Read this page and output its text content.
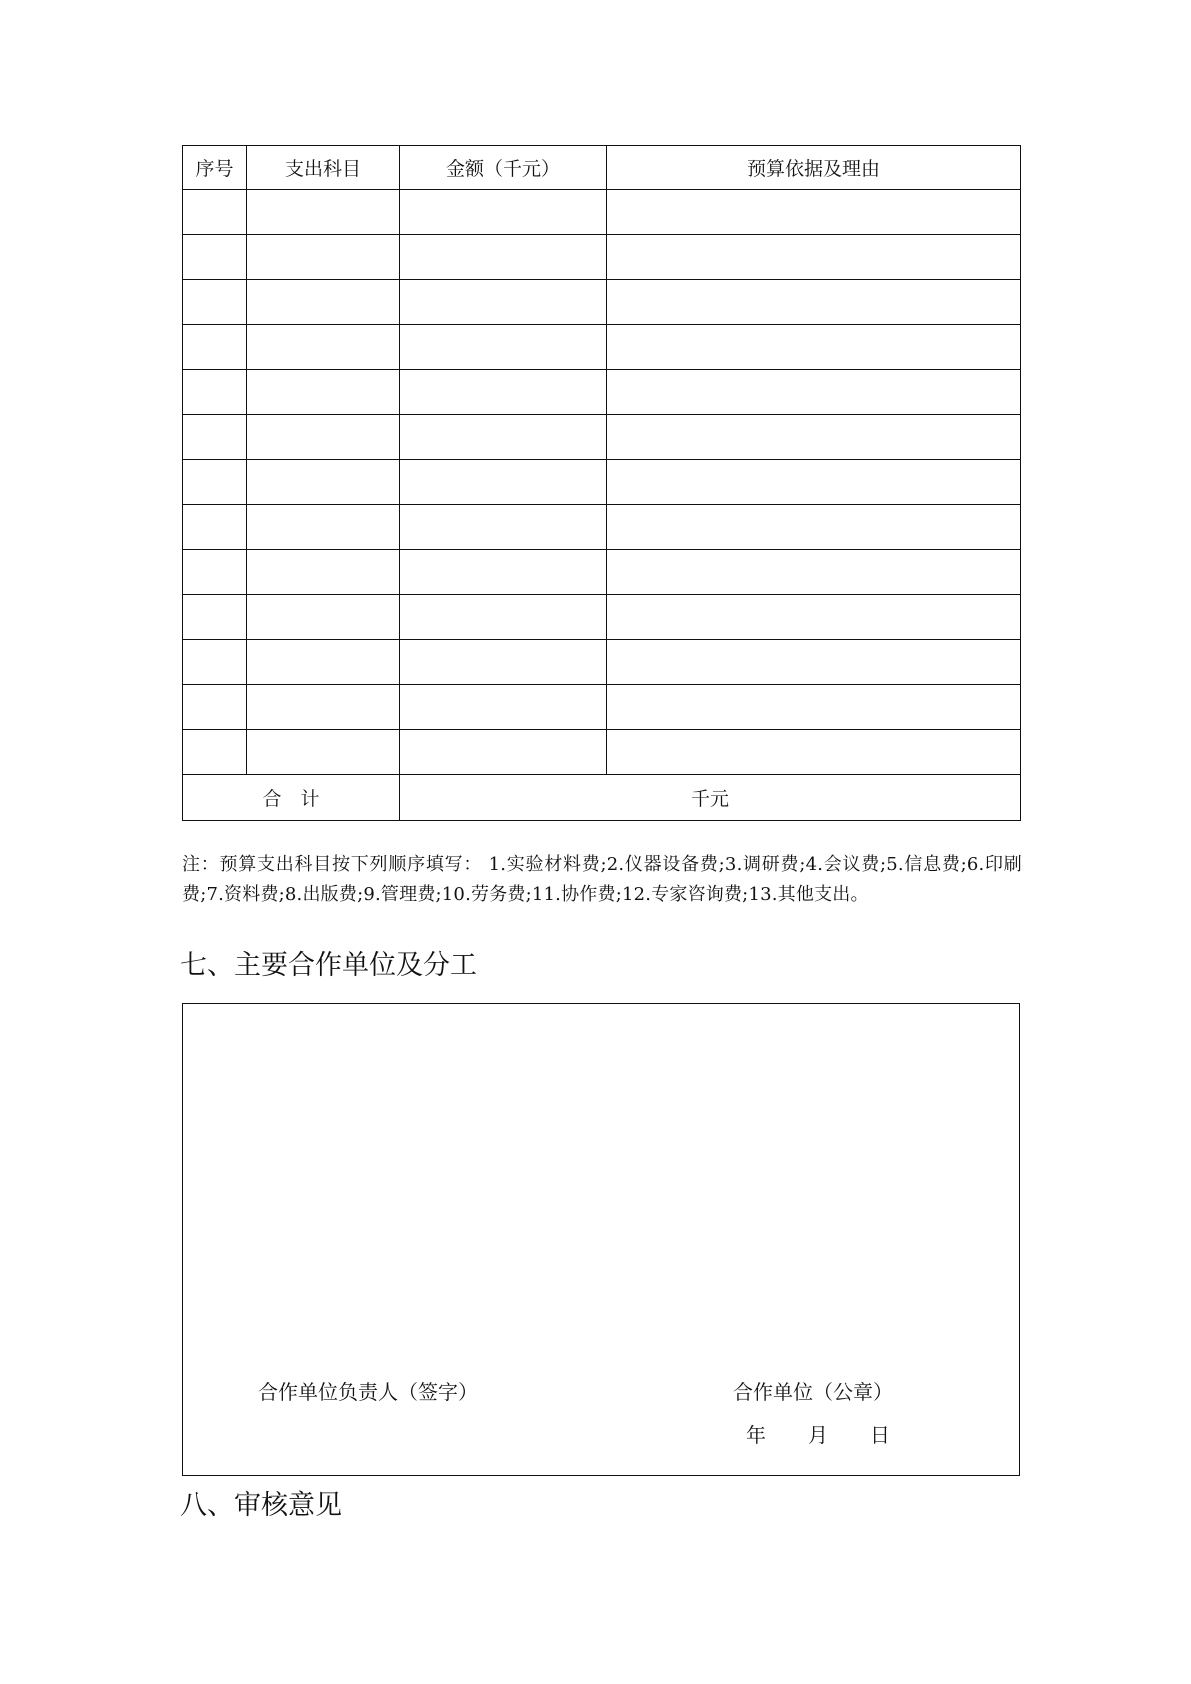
序号	支出科目	金额（千元）	预算依据及理由

合　计		千元	
注：预算支出科目按下列顺序填写： 1.实验材料费;2.仪器设备费;3.调研费;4.会议费;5.信息费;6.印刷费;7.资料费;8.出版费;9.管理费;10.劳务费;11.协作费;12.专家咨询费;13.其他支出。
七、主要合作单位及分工
合作单位负责人（签字）	合作单位（公章）
年 月 日
八、审核意见
